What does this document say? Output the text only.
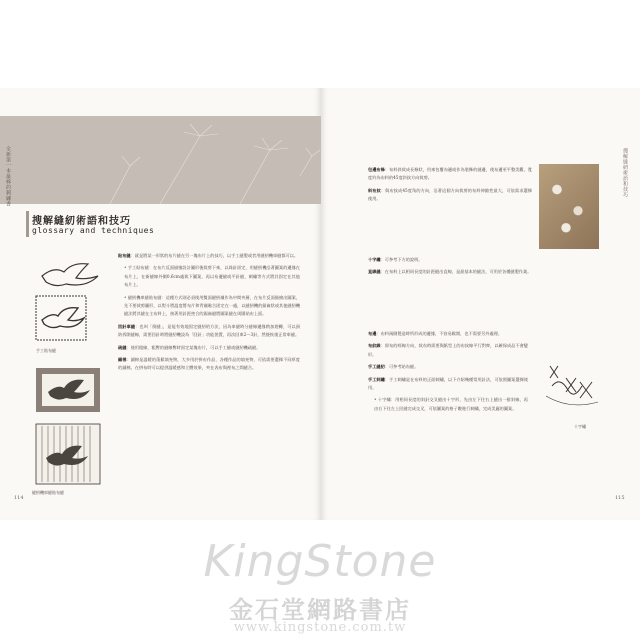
全新第一本最棒的刺繡書
搜解縫紉術語和技巧
glossary and techniques
手工貼布縫
縫紉機車縫貼布縫
貼布縫：就是將某一形狀的布片縫在另一塊布片上的技巧，以手工縫製或者用縫紉機車縫都可以。
• 手工貼布縫：在布片反面描繪設計圖形後裁剪下來，以珠針固定，用縫紉機沿著圖案的邊緣在布片上，在新縫線外側0.6cm處裁下圖案，再以布邊縫或平針縫，刺繡等方式將其固定在其他布片上。
• 縫紉機車縫貼布縫：這種方式則必須使用雙面縫紉襯作為中間夾層，在布片反面描繪出圖案，先不要裁剪圖形，以熨斗將溫度將布片和背襯黏合固定在一處，以縫紉機的鋸齒狀或其他縫紉機縫法將其縫在主布料上，接著用針距密合的鋸齒縫將圖案縫在周圍貼布上面。
回針車縫：也叫「倒縫」，是能有效地固定縫紉的方法，因為車縫時分縫線邊緣稍加迴轉，可以預防拆開縫線，需要回針時將縫紉機設為「回針」功能裝置，再次回車2～3針，然後恢復正常車縫。
疏縫：使用粗線，粗暫的縫線暫時固定某塊布片，可以手工縫或縫紉機疏縫。
鋪棉：鋪棉是溫暖的蓬鬆填充物，大多用於拼布作品、各種作品的填充物，可依需要選擇不同厚度的鋪棉，在拼布時可以提供溫暖感和立體效果，夾在表布與裡布之間縫合。
114
搜解縫紉術語和技巧
包邊布條：布料斜裁成長條狀，用來包覆布邊或作為裝飾的縫邊，使布邊更平整美觀，寬度約為布料的45度斜紋方向裁剪。
斜布紋：與布紋成45度角的方向，沿著這個方向裁剪的布料伸縮性最大，可依需求選擇使用。
十字繡：可參考下方的說明。
直線縫：在布料上以相同長度的針距縫出直線，是最基本的縫法，可用於各種縫製作業。
布邊：布料兩側製造時所形成的邊緣，不容易鬆開，也不需要另外處理。
布紋線：即布的經線方向，裁布時需要與紙型上的布紋線平行對齊，以確保成品不會變形。
手工縫紉：可參考貼布縫。
手工刺繡：手工刺繡是在布料的正面刺繡，以下介紹幾種常用針法，可依照圖案選擇使用。
• 十字繡：用相同長度的斜針交叉縫出十字形，先由左下往右上縫出一排斜線，再由右下往左上回縫完成交叉，可依圖案的格子數進行刺繡，完成美麗的圖案。
十字繡
115
KingStone
金石堂網路書店
www.kingstone.com.tw
